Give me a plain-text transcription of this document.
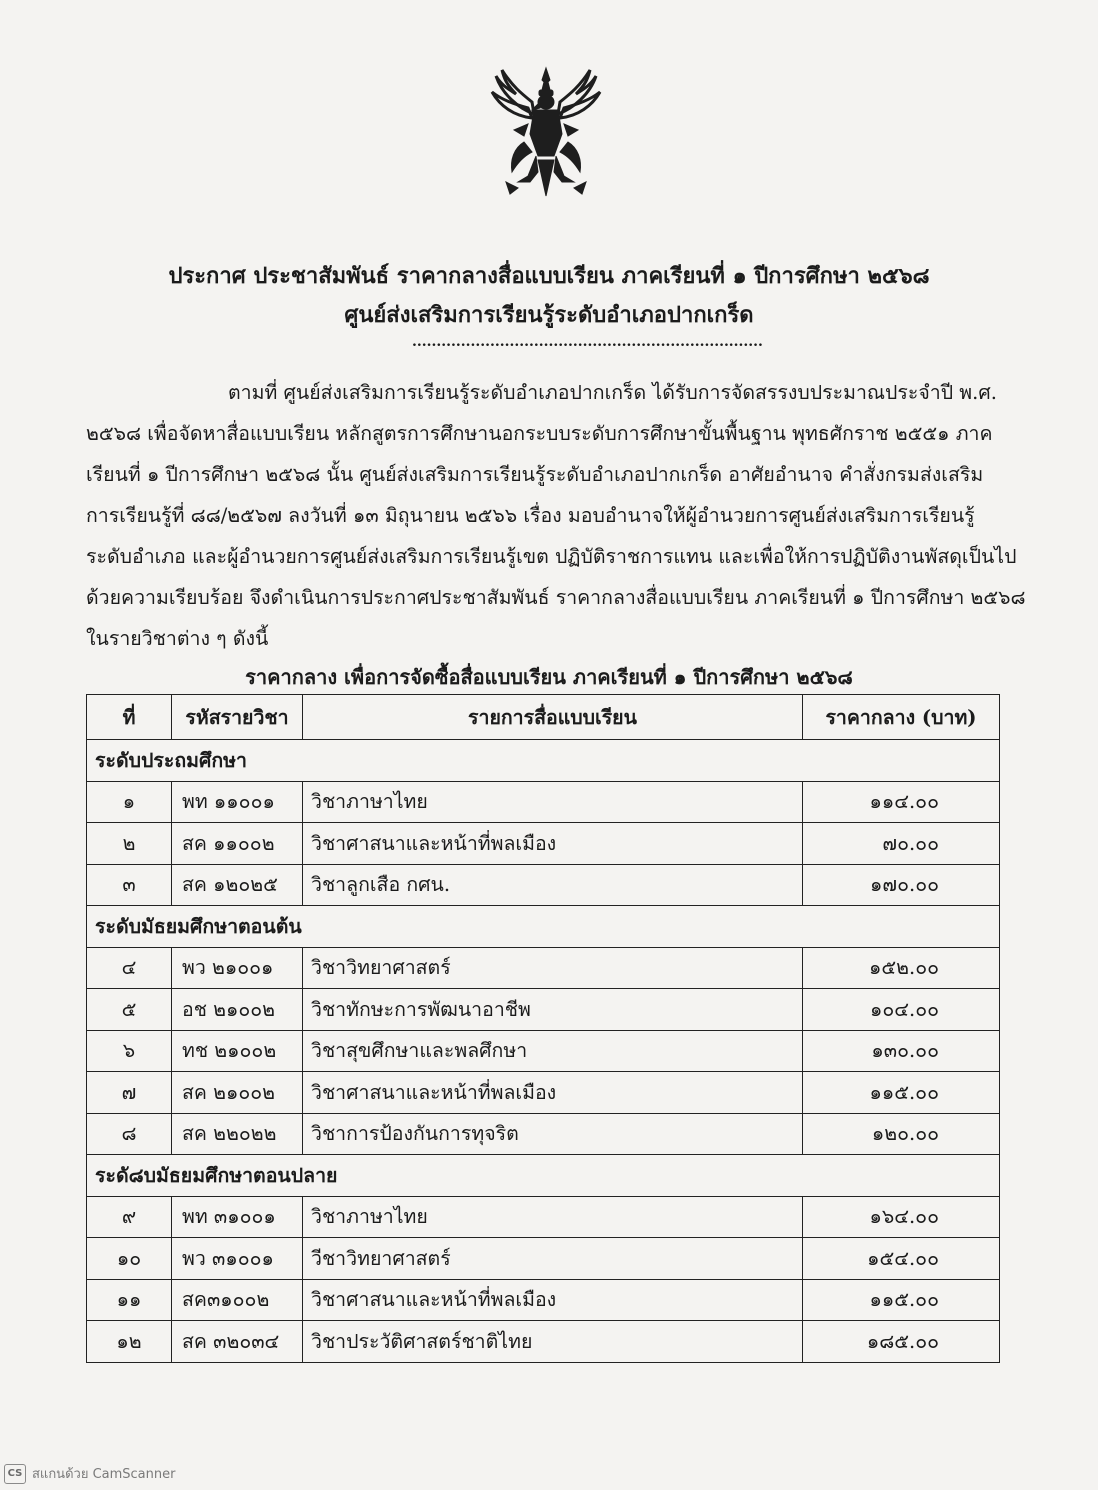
ประกาศ ประชาสัมพันธ์ ราคากลางสื่อแบบเรียน ภาคเรียนที่ ๑ ปีการศึกษา ๒๕๖๘
ศูนย์ส่งเสริมการเรียนรู้ระดับอำเภอปากเกร็ด
........................................................................
ตามที่ ศูนย์ส่งเสริมการเรียนรู้ระดับอำเภอปากเกร็ด ได้รับการจัดสรรงบประมาณประจำปี พ.ศ.
๒๕๖๘ เพื่อจัดหาสื่อแบบเรียน หลักสูตรการศึกษานอกระบบระดับการศึกษาขั้นพื้นฐาน พุทธศักราช ๒๕๕๑ ภาค
เรียนที่ ๑ ปีการศึกษา ๒๕๖๘ นั้น ศูนย์ส่งเสริมการเรียนรู้ระดับอำเภอปากเกร็ด อาศัยอำนาจ คำสั่งกรมส่งเสริม
การเรียนรู้ที่ ๘๘/๒๕๖๗ ลงวันที่ ๑๓ มิถุนายน ๒๕๖๖ เรื่อง มอบอำนาจให้ผู้อำนวยการศูนย์ส่งเสริมการเรียนรู้
ระดับอำเภอ และผู้อำนวยการศูนย์ส่งเสริมการเรียนรู้เขต ปฏิบัติราชการแทน และเพื่อให้การปฏิบัติงานพัสดุเป็นไป
ด้วยความเรียบร้อย จึงดำเนินการประกาศประชาสัมพันธ์ ราคากลางสื่อแบบเรียน ภาคเรียนที่ ๑ ปีการศึกษา ๒๕๖๘
ในรายวิชาต่าง ๆ ดังนี้
ราคากลาง เพื่อการจัดซื้อสื่อแบบเรียน ภาคเรียนที่ ๑ ปีการศึกษา ๒๕๖๘
ที่	รหัสรายวิชา	รายการสื่อแบบเรียน	ราคากลาง (บาท)
ระดับประถมศึกษา			
๑	พท ๑๑๐๐๑	วิชาภาษาไทย	๑๑๔.๐๐
๒	สค ๑๑๐๐๒	วิชาศาสนาและหน้าที่พลเมือง	๗๐.๐๐
๓	สค ๑๒๐๒๕	วิชาลูกเสือ กศน.	๑๗๐.๐๐
ระดับมัธยมศึกษาตอนต้น			
๔	พว ๒๑๐๐๑	วิชาวิทยาศาสตร์	๑๕๒.๐๐
๕	อช ๒๑๐๐๒	วิชาทักษะการพัฒนาอาชีพ	๑๐๔.๐๐
๖	ทช ๒๑๐๐๒	วิชาสุขศึกษาและพลศึกษา	๑๓๐.๐๐
๗	สค ๒๑๐๐๒	วิชาศาสนาและหน้าที่พลเมือง	๑๑๕.๐๐
๘	สค ๒๒๐๒๒	วิชาการป้องกันการทุจริต	๑๒๐.๐๐
ระดั๘บมัธยมศึกษาตอนปลาย			
๙	พท ๓๑๐๐๑	วิชาภาษาไทย	๑๖๔.๐๐
๑๐	พว ๓๑๐๐๑	วีชาวิทยาศาสตร์	๑๕๔.๐๐
๑๑	สค๓๑๐๐๒	วิชาศาสนาและหน้าที่พลเมือง	๑๑๕.๐๐
๑๒	สค ๓๒๐๓๔	วิชาประวัติศาสตร์ชาติไทย	๑๘๕.๐๐
CS สแกนด้วย CamScanner
